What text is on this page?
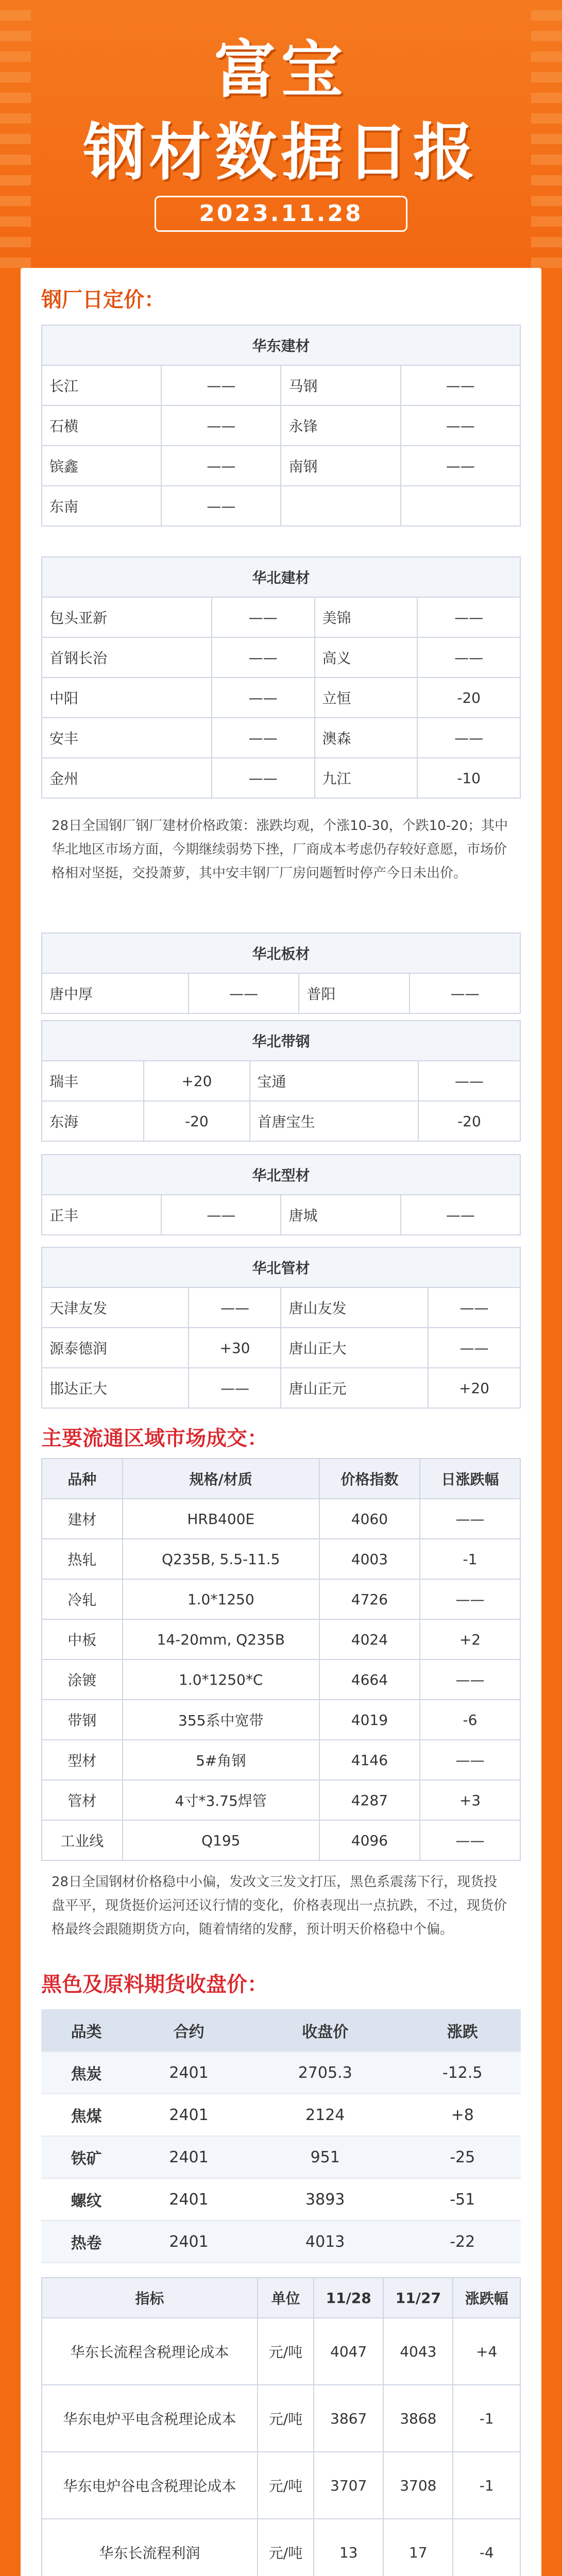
富宝
钢材数据日报
2023.11.28
钢厂日定价：
华东建材			
长江	——	马钢	——
石横	——	永锋	——
镔鑫	——	南钢	——
东南	——		
华北建材			
包头亚新	——	美锦	——
首钢长治	——	高义	——
中阳	——	立恒	-20
安丰	——	澳森	——
金州	——	九江	-10
28日全国钢厂钢厂建材价格政策：涨跌均观，个涨10-30，个跌10-20；其中华北地区市场方面，今期继续弱势下挫，厂商成本考虑仍存较好意愿，市场价格相对坚挺，交投萧萝，其中安丰钢厂厂房问题暂时停产今日未出价。
华北板材
唐中厚	——	普阳	——
华北带钢			
瑞丰	+20	宝通	——
东海	-20	首唐宝生	-20
华北型材
正丰	——	唐城	——
华北管材			
天津友发	——	唐山友发	——
源泰德润	+30	唐山正大	——
邯达正大	——	唐山正元	+20
主要流通区域市场成交：
品种	规格/材质	价格指数	日涨跌幅
建材	HRB400E	4060	——
热轧	Q235B, 5.5-11.5	4003	-1
冷轧	1.0*1250	4726	——
中板	14-20mm, Q235B	4024	+2
涂镀	1.0*1250*C	4664	——
带钢	355系中宽带	4019	-6
型材	5#角钢	4146	——
管材	4寸*3.75焊管	4287	+3
工业线	Q195	4096	——
28日全国钢材价格稳中小偏，发改文三发文打压，黑色系震荡下行，现货投盘平平，现货挺价运河还议行情的变化，价格表现出一点抗跌，不过，现货价格最终会跟随期货方向，随着情绪的发酵，预计明天价格稳中个偏。
黑色及原料期货收盘价：
品类	合约	收盘价	涨跌
焦炭	2401	2705.3	-12.5
焦煤	2401	2124	+8
铁矿	2401	951	-25
螺纹	2401	3893	-51
热卷	2401	4013	-22
指标	单位	11/28	11/27	涨跌幅
华东长流程含税理论成本	元/吨	4047	4043	+4
华东电炉平电含税理论成本	元/吨	3867	3868	-1
华东电炉谷电含税理论成本	元/吨	3707	3708	-1
华东长流程利润	元/吨	13	17	-4
